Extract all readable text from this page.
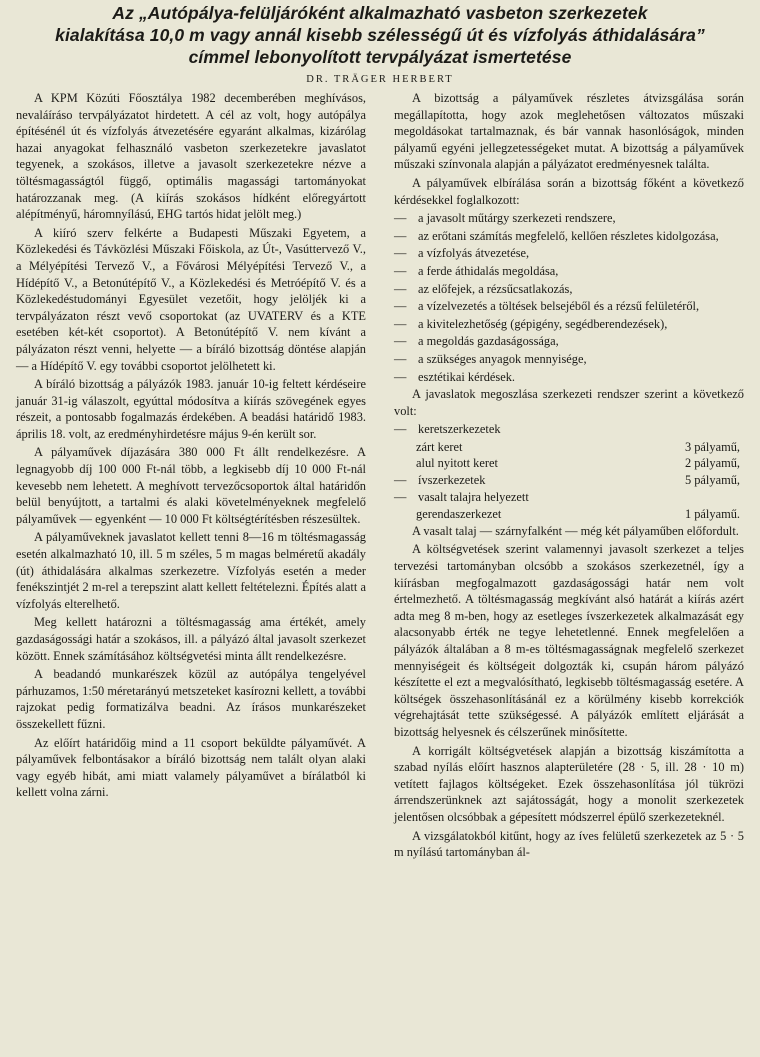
Az „Autópálya-felüljáróként alkalmazható vasbeton szerkezetek

kialakítása 10,0 m vagy annál kisebb szélességű út és vízfolyás áthidalására”

címmel lebonyolított tervpályázat ismertetése

DR. TRÄGER HERBERT

A KPM Közúti Főosztálya 1982 decemberében meghívásos, nevaláíráso tervpályázatot hirdetett. A cél az volt, hogy autópálya építésénél út és vízfolyás átvezetésére egyaránt alkalmas, kizárólag hazai anyagokat felhasználó vasbeton szerkezetekre javaslatot tegyenek, a szokásos, illetve a javasolt szerkezetekre nézve a töltésmagasságtól függő, optimális magassági tartományokat határozzanak meg. (A kiírás szokásos hídként előregyártott alépítményű, háromnyílású, EHG tartós hidat jelölt meg.)

A kiíró szerv felkérte a Budapesti Műszaki Egyetem, a Közlekedési és Távközlési Műszaki Főiskola, az Út-, Vasúttervező V., a Mélyépítési Tervező V., a Fővárosi Mélyépítési Tervező V., a Hídépítő V., a Betonútépítő V., a Közlekedési és Metróépítő V. és a Közlekedéstudományi Egyesület vezetőit, hogy jelöljék ki a tervpályázaton részt vevő csoportokat (az UVATERV és a KTE esetében két-két csoportot). A Betonútépítő V. nem kívánt a pályázaton részt venni, helyette — a bíráló bizottság döntése alapján — a Hídépítő V. egy további csoportot jelölhetett ki.

A bíráló bizottság a pályázók 1983. január 10-ig feltett kérdéseire január 31-ig válaszolt, egyúttal módosítva a kiírás szövegének egyes részeit, a pontosabb fogalmazás érdekében. A beadási határidő 1983. április 18. volt, az eredményhirdetésre május 9-én került sor.

A pályaművek díjazására 380 000 Ft állt rendelkezésre. A legnagyobb díj 100 000 Ft-nál több, a legkisebb díj 10 000 Ft-nál kevesebb nem lehetett. A meghívott tervezőcsoportok által határidőn belül benyújtott, a tartalmi és alaki követelményeknek megfelelő pályaművek — egyenként — 10 000 Ft költségtérítésben részesültek.

A pályaműveknek javaslatot kellett tenni 8—16 m töltésmagasság esetén alkalmazható 10, ill. 5 m széles, 5 m magas belméretű akadály (út) áthidalására alkalmas szerkezetre. Vízfolyás esetén a meder fenékszintjét 2 m-rel a terepszint alatt kellett feltételezni. Építés alatt a vízfolyás elterelhető.

Meg kellett határozni a töltésmagasság ama értékét, amely gazdaságossági határ a szokásos, ill. a pályázó által javasolt szerkezet között. Ennek számításához költségvetési minta állt rendelkezésre.

A beadandó munkarészek közül az autópálya tengelyével párhuzamos, 1:50 méretarányú metszeteket kasírozni kellett, a további rajzokat pedig formatizálva beadni. Az írásos munkarészeket összekellett fűzni.

Az előírt határidőig mind a 11 csoport beküldte pályaművét. A pályaművek felbontásakor a bíráló bizottság nem talált olyan alaki vagy egyéb hibát, ami miatt valamely pályaművet a bírálatból ki kellett volna zárni.

A bizottság a pályaművek részletes átvizsgálása során megállapította, hogy azok meglehetősen változatos műszaki megoldásokat tartalmaznak, és bár vannak hasonlóságok, minden pályamű egyéni jellegzetességeket mutat. A bizottság a pályaművek műszaki színvonala alapján a pályázatot eredményesnek találta.

A pályaművek elbírálása során a bizottság főként a következő kérdésekkel foglalkozott:

— a javasolt műtárgy szerkezeti rendszere,
— az erőtani számítás megfelelő, kellően részletes kidolgozása,
— a vízfolyás átvezetése,
— a ferde áthidalás megoldása,
— az előfejek, a rézsűcsatlakozás,
— a vízelvezetés a töltések belsejéből és a rézsű felületéről,
— a kivitelezhetőség (gépigény, segédberendezések),
— a megoldás gazdaságossága,
— a szükséges anyagok mennyisége,
— esztétikai kérdések.

A javaslatok megoszlása szerkezeti rendszer szerint a következő volt:

— keretszerkezetek
zárt keret	3 pályamű,
alul nyitott keret	2 pályamű,
— ívszerkezetek	5 pályamű,
— vasalt talajra helyezett
gerendaszerkezet	1 pályamű.

A vasalt talaj — szárnyfalként — még két pályaműben előfordult.

A költségvetések szerint valamennyi javasolt szerkezet a teljes tervezési tartományban olcsóbb a szokásos szerkezetnél, így a kiírásban megfogalmazott gazdaságossági határ nem volt értelmezhető. A töltésmagasság megkívánt alsó határát a kiírás azért adta meg 8 m-ben, hogy az esetleges ívszerkezetek alkalmazását egy alacsonyabb érték ne tegye lehetetlenné. Ennek megfelelően a pályázók általában a 8 m-es töltésmagasságnak megfelelő szerkezet mennyiségeit és költségeit dolgozták ki, csupán három pályázó készítette el ezt a megvalósítható, legkisebb töltésmagasság esetére. A költségek összehasonlításánál ez a körülmény kisebb korrekciók végrehajtását tette szükségessé. A pályázók említett eljárását a bizottság helyesnek és célszerűnek minősítette.

A korrigált költségvetések alapján a bizottság kiszámította a szabad nyílás előírt hasznos alapterületére (28 · 5, ill. 28 · 10 m) vetített fajlagos költségeket. Ezek összehasonlítása jól tükrözi árrendszerünknek azt sajátosságát, hogy a monolit szerkezetek jelentősen olcsóbbak a gépesített módszerrel épülő szerkezeteknél.

A vizsgálatokból kitűnt, hogy az íves felületű szerkezetek az 5 · 5 m nyílású tartományban ál-
